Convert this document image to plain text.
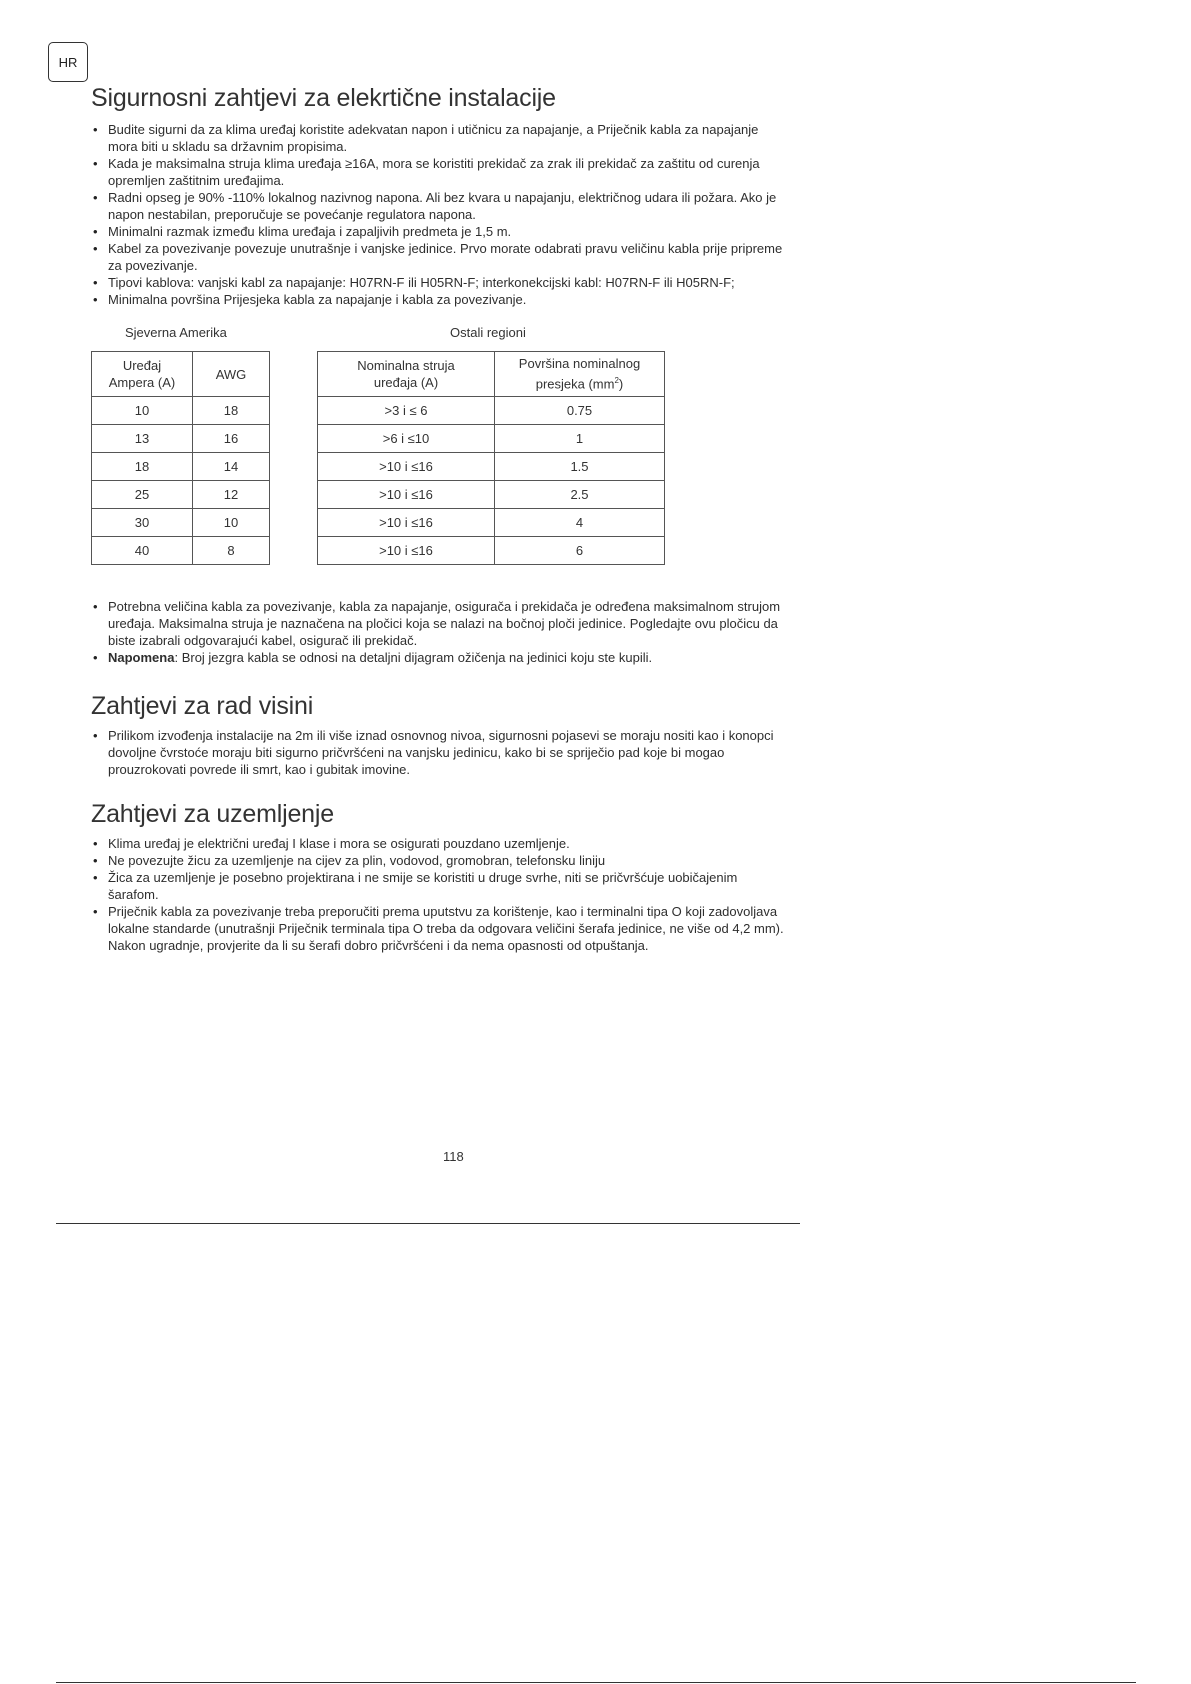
HR
Sigurnosni zahtjevi za elekrtične instalacije
• Budite sigurni da za klima uređaj koristite adekvatan napon i utičnicu za napajanje, a Priječnik kabla za napajanje mora biti u skladu sa državnim propisima.
• Kada je maksimalna struja klima uređaja ≥16A, mora se koristiti prekidač za zrak ili prekidač za zaštitu od curenja opremljen zaštitnim uređajima.
• Radni opseg je 90% -110% lokalnog nazivnog napona. Ali bez kvara u napajanju, električnog udara ili požara. Ako je napon nestabilan, preporučuje se povećanje regulatora napona.
• Minimalni razmak između klima uređaja i zapaljivih predmeta je 1,5 m.
• Kabel za povezivanje povezuje unutrašnje i vanjske jedinice. Prvo morate odabrati pravu veličinu kabla prije pripreme za povezivanje.
• Tipovi kablova: vanjski kabl za napajanje: H07RN-F ili H05RN-F; interkonekcijski kabl: H07RN-F ili H05RN-F;
• Minimalna površina Prijesjeka kabla za napajanje i kabla za povezivanje.
Sjeverna Amerika	Ostali regioni
Uređaj
Ampera (A)	AWG
10	18
13	16
18	14
25	12
30	10
40	8
Nominalna struja
uređaja (A)	Površina nominalnog
presjeka $(mm^2)$
>3 i ≤ 6	0.75
>6 i ≤10	1
>10 i ≤16	1.5
>10 i ≤16	2.5
>10 i ≤16	4
>10 i ≤16	6
• Potrebna veličina kabla za povezivanje, kabla za napajanje, osigurača i prekidača je određena maksimalnom strujom uređaja. Maksimalna struja je naznačena na pločici koja se nalazi na bočnoj ploči jedinice. Pogledajte ovu pločicu da biste izabrali odgovarajući kabel, osigurač ili prekidač.
• Napomena: Broj jezgra kabla se odnosi na detaljni dijagram ožičenja na jedinici koju ste kupili.
Zahtjevi za rad visini
• Prilikom izvođenja instalacije na 2m ili više iznad osnovnog nivoa, sigurnosni pojasevi se moraju nositi kao i konopci dovoljne čvrstoće moraju biti sigurno pričvršćeni na vanjsku jedinicu, kako bi se spriječio pad koje bi mogao prouzrokovati povrede ili smrt, kao i gubitak imovine.
Zahtjevi za uzemljenje
• Klima uređaj je električni uređaj I klase i mora se osigurati pouzdano uzemljenje.
• Ne povezujte žicu za uzemljenje na cijev za plin, vodovod, gromobran, telefonsku liniju
• Žica za uzemljenje je posebno projektirana i ne smije se koristiti u druge svrhe, niti se pričvršćuje uobičajenim šarafom.
• Priječnik kabla za povezivanje treba preporučiti prema uputstvu za korištenje, kao i terminalni tipa O koji zadovoljava lokalne standarde (unutrašnji Priječnik terminala tipa O treba da odgovara veličini šerafa jedinice, ne više od 4,2 mm). Nakon ugradnje, provjerite da li su šerafi dobro pričvršćeni i da nema opasnosti od otpuštanja.
118
